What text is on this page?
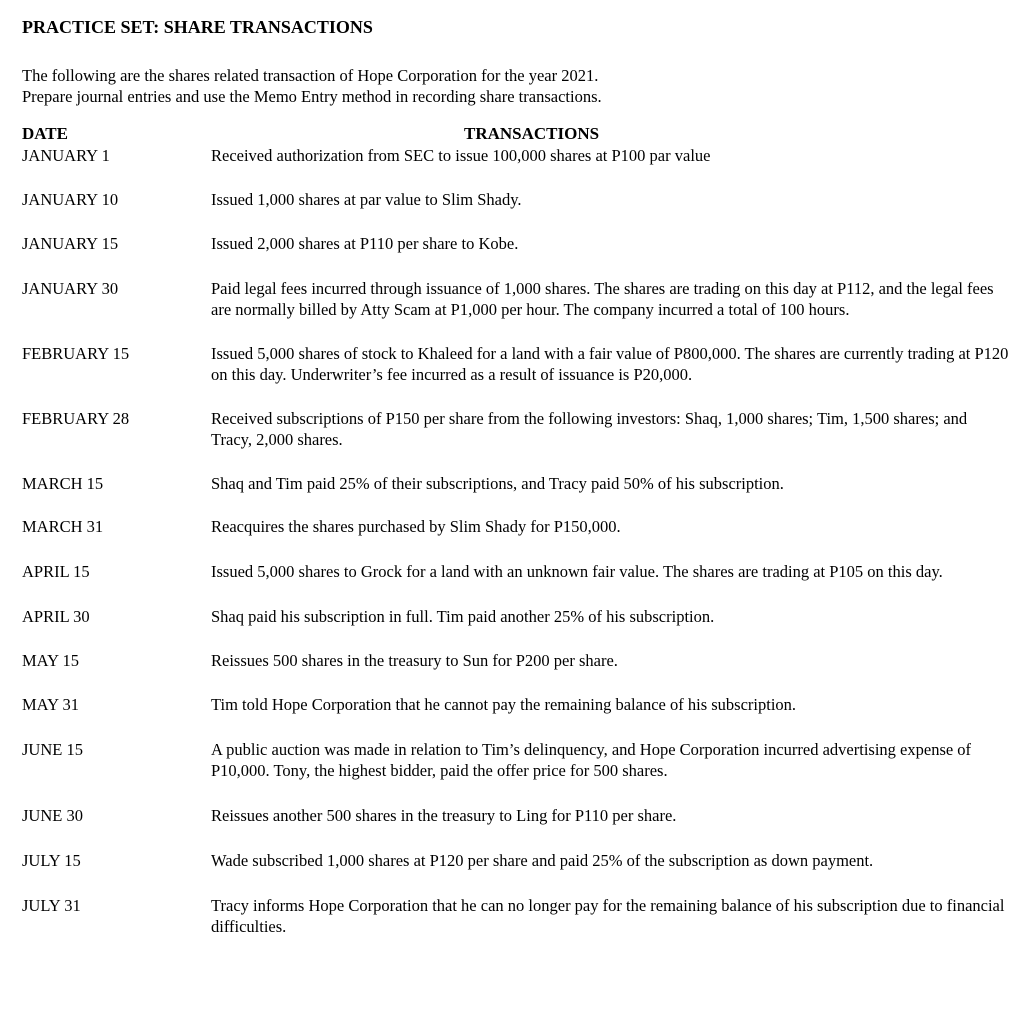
PRACTICE SET: SHARE TRANSACTIONS
The following are the shares related transaction of Hope Corporation for the year 2021.
Prepare journal entries and use the Memo Entry method in recording share transactions.
DATE	TRANSACTIONS
JANUARY 1	Received authorization from SEC to issue 100,000 shares at P100 par value
JANUARY 10	Issued 1,000 shares at par value to Slim Shady.
JANUARY 15	Issued 2,000 shares at P110 per share to Kobe.
JANUARY 30	Paid legal fees incurred through issuance of 1,000 shares. The shares are trading on this day at P112, and the legal fees are normally billed by Atty Scam at P1,000 per hour. The company incurred a total of 100 hours.
FEBRUARY 15	Issued 5,000 shares of stock to Khaleed for a land with a fair value of P800,000. The shares are currently trading at P120 on this day. Underwriter’s fee incurred as a result of issuance is P20,000.
FEBRUARY 28	Received subscriptions of P150 per share from the following investors: Shaq, 1,000 shares; Tim, 1,500 shares; and Tracy, 2,000 shares.
MARCH 15	Shaq and Tim paid 25% of their subscriptions, and Tracy paid 50% of his subscription.
MARCH 31	Reacquires the shares purchased by Slim Shady for P150,000.
APRIL 15	Issued 5,000 shares to Grock for a land with an unknown fair value. The shares are trading at P105 on this day.
APRIL 30	Shaq paid his subscription in full. Tim paid another 25% of his subscription.
MAY 15	Reissues 500 shares in the treasury to Sun for P200 per share.
MAY 31	Tim told Hope Corporation that he cannot pay the remaining balance of his subscription.
JUNE 15	A public auction was made in relation to Tim’s delinquency, and Hope Corporation incurred advertising expense of P10,000. Tony, the highest bidder, paid the offer price for 500 shares.
JUNE 30	Reissues another 500 shares in the treasury to Ling for P110 per share.
JULY 15	Wade subscribed 1,000 shares at P120 per share and paid 25% of the subscription as down payment.
JULY 31	Tracy informs Hope Corporation that he can no longer pay for the remaining balance of his subscription due to financial difficulties.
